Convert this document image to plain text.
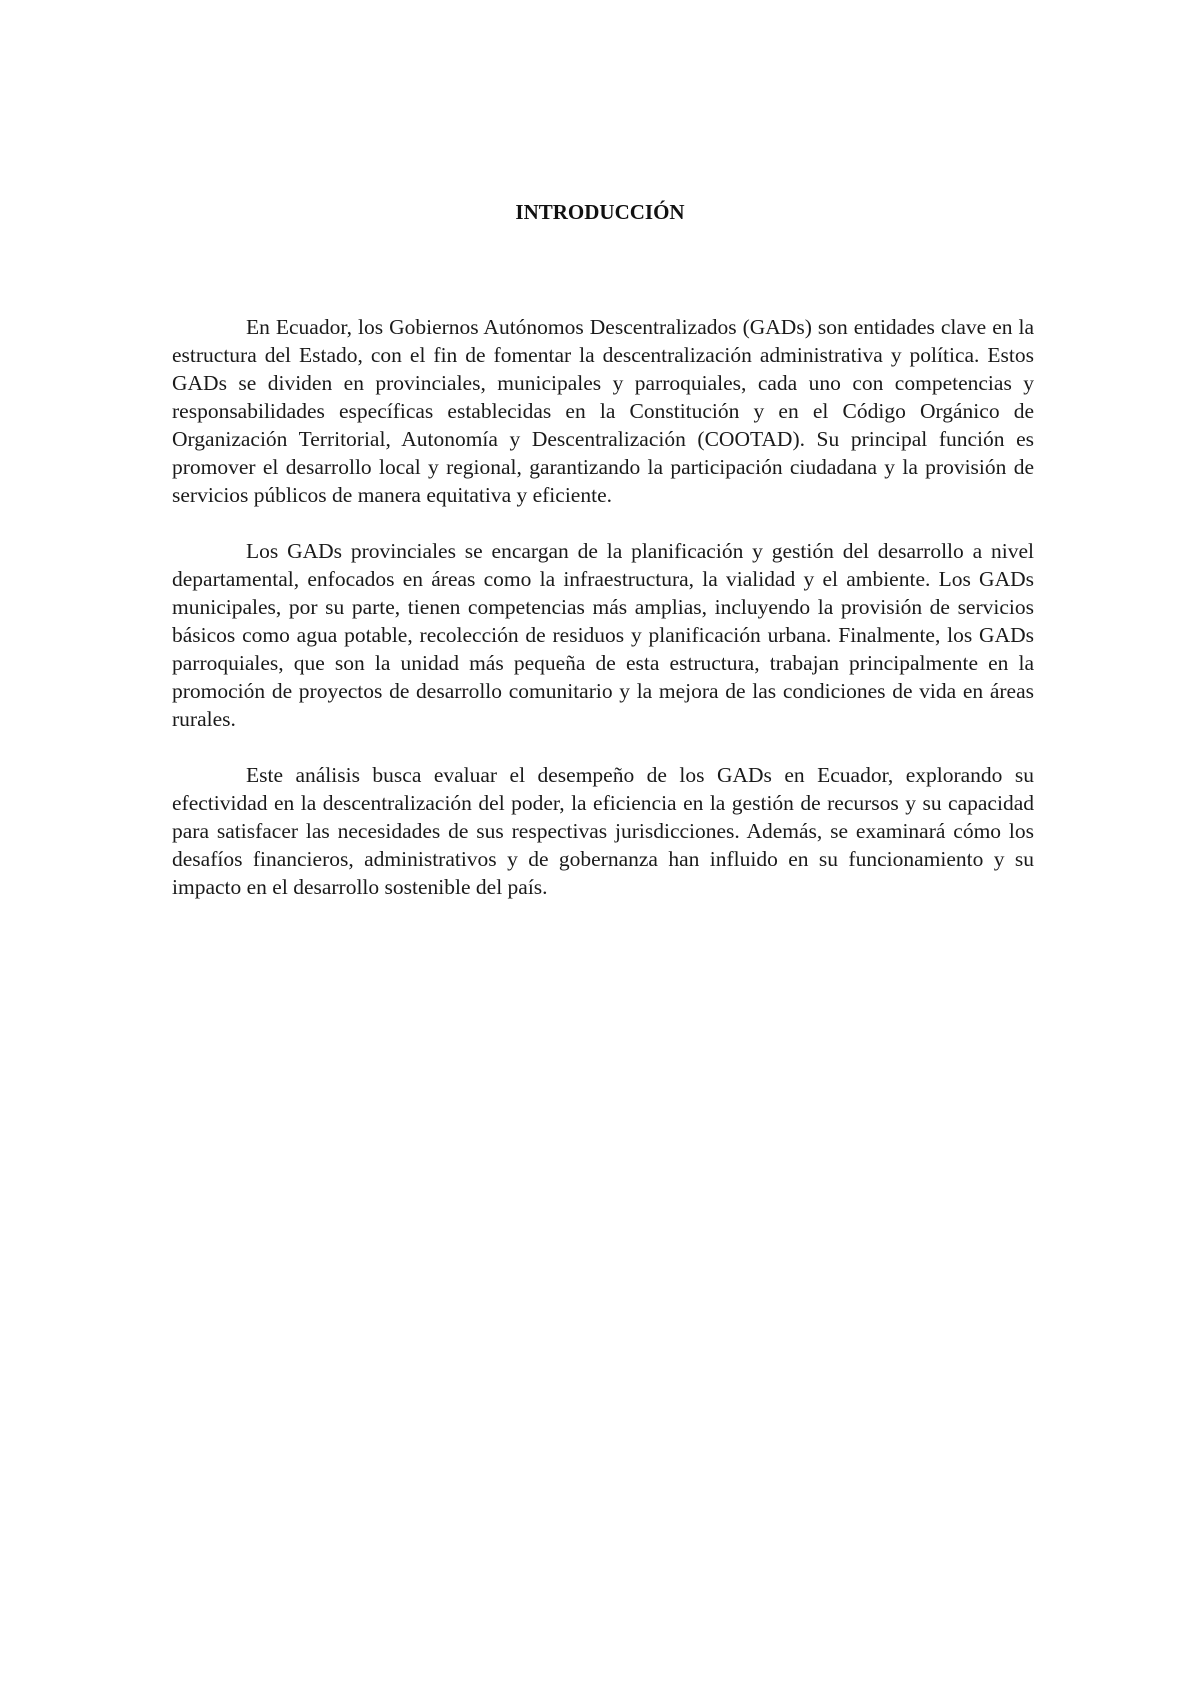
INTRODUCCIÓN

En Ecuador, los Gobiernos Autónomos Descentralizados (GADs) son entidades clave en la estructura del Estado, con el fin de fomentar la descentralización administrativa y política. Estos GADs se dividen en provinciales, municipales y parroquiales, cada uno con competencias y responsabilidades específicas establecidas en la Constitución y en el Código Orgánico de Organización Territorial, Autonomía y Descentralización (COOTAD). Su principal función es promover el desarrollo local y regional, garantizando la participación ciudadana y la provisión de servicios públicos de manera equitativa y eficiente.

Los GADs provinciales se encargan de la planificación y gestión del desarrollo a nivel departamental, enfocados en áreas como la infraestructura, la vialidad y el ambiente. Los GADs municipales, por su parte, tienen competencias más amplias, incluyendo la provisión de servicios básicos como agua potable, recolección de residuos y planificación urbana. Finalmente, los GADs parroquiales, que son la unidad más pequeña de esta estructura, trabajan principalmente en la promoción de proyectos de desarrollo comunitario y la mejora de las condiciones de vida en áreas rurales.

Este análisis busca evaluar el desempeño de los GADs en Ecuador, explorando su efectividad en la descentralización del poder, la eficiencia en la gestión de recursos y su capacidad para satisfacer las necesidades de sus respectivas jurisdicciones. Además, se examinará cómo los desafíos financieros, administrativos y de gobernanza han influido en su funcionamiento y su impacto en el desarrollo sostenible del país.
